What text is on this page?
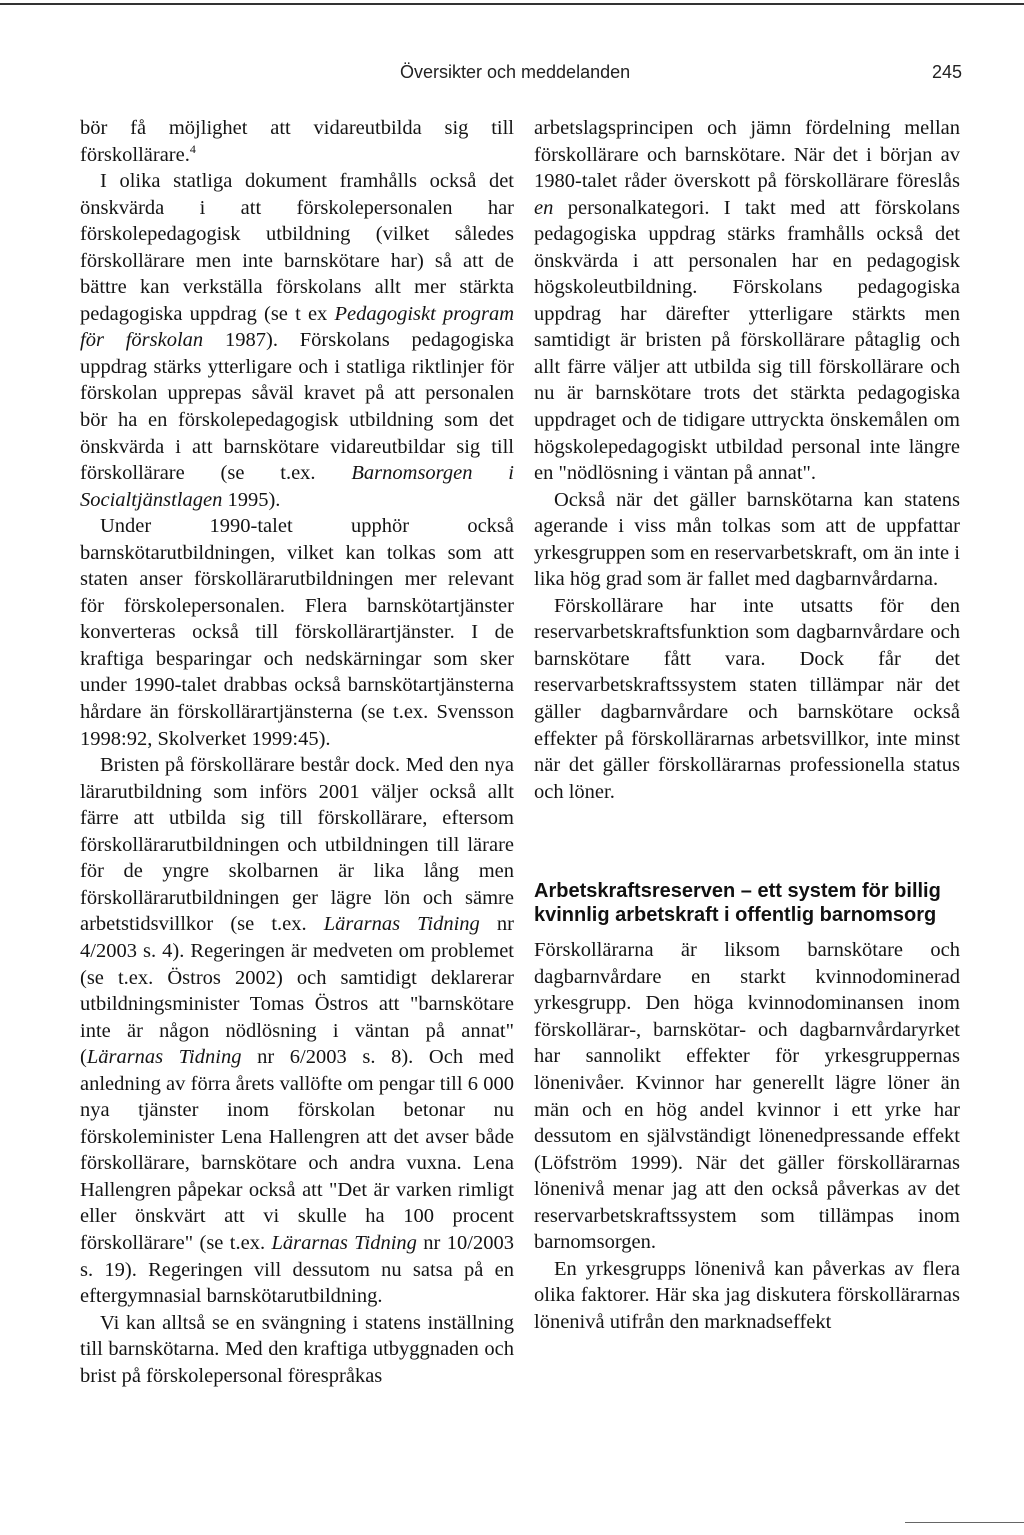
Översikter och meddelanden	245

bör få möjlighet att vidareutbilda sig till förskollärare.$^4$

I olika statliga dokument framhålls också det önskvärda i att förskolepersonalen har förskolepedagogisk utbildning (vilket således förskollärare men inte barnskötare har) så att de bättre kan verkställa förskolans allt mer stärkta pedagogiska uppdrag (se t ex Pedagogiskt program för förskolan 1987). Förskolans pedagogiska uppdrag stärks ytterligare och i statliga riktlinjer för förskolan upprepas såväl kravet på att personalen bör ha en förskolepedagogisk utbildning som det önskvärda i att barnskötare vidareutbildar sig till förskollärare (se t.ex. Barnomsorgen i Socialtjänstlagen 1995).

Under 1990-talet upphör också barnskötarutbildningen, vilket kan tolkas som att staten anser förskollärarutbildningen mer relevant för förskolepersonalen. Flera barnskötartjänster konverteras också till förskollärartjänster. I de kraftiga besparingar och nedskärningar som sker under 1990-talet drabbas också barnskötartjänsterna hårdare än förskollärartjänsterna (se t.ex. Svensson 1998:92, Skolverket 1999:45).

Bristen på förskollärare består dock. Med den nya lärarutbildning som införs 2001 väljer också allt färre att utbilda sig till förskollärare, eftersom förskollärarutbildningen och utbildningen till lärare för de yngre skolbarnen är lika lång men förskollärarutbildningen ger lägre lön och sämre arbetstidsvillkor (se t.ex. Lärarnas Tidning nr 4/2003 s. 4). Regeringen är medveten om problemet (se t.ex. Östros 2002) och samtidigt deklarerar utbildningsminister Tomas Östros att "barnskötare inte är någon nödlösning i väntan på annat" (Lärarnas Tidning nr 6/2003 s. 8). Och med anledning av förra årets vallöfte om pengar till 6 000 nya tjänster inom förskolan betonar nu förskoleminister Lena Hallengren att det avser både förskollärare, barnskötare och andra vuxna. Lena Hallengren påpekar också att "Det är varken rimligt eller önskvärt att vi skulle ha 100 procent förskollärare" (se t.ex. Lärarnas Tidning nr 10/2003 s. 19). Regeringen vill dessutom nu satsa på en eftergymnasial barnskötarutbildning.

Vi kan alltså se en svängning i statens inställning till barnskötarna. Med den kraftiga utbyggnaden och brist på förskolepersonal förespråkas

arbetslagsprincipen och jämn fördelning mellan förskollärare och barnskötare. När det i början av 1980-talet råder överskott på förskollärare föreslås en personalkategori. I takt med att förskolans pedagogiska uppdrag stärks framhålls också det önskvärda i att personalen har en pedagogisk högskoleutbildning. Förskolans pedagogiska uppdrag har därefter ytterligare stärkts men samtidigt är bristen på förskollärare påtaglig och allt färre väljer att utbilda sig till förskollärare och nu är barnskötare trots det stärkta pedagogiska uppdraget och de tidigare uttryckta önskemålen om högskolepedagogiskt utbildad personal inte längre en "nödlösning i väntan på annat".

Också när det gäller barnskötarna kan statens agerande i viss mån tolkas som att de uppfattar yrkesgruppen som en reservarbetskraft, om än inte i lika hög grad som är fallet med dagbarnvårdarna.

Förskollärare har inte utsatts för den reservarbetskraftsfunktion som dagbarnvårdare och barnskötare fått vara. Dock får det reservarbetskraftssystem staten tillämpar när det gäller dagbarnvårdare och barnskötare också effekter på förskollärarnas arbetsvillkor, inte minst när det gäller förskollärarnas professionella status och löner.

Arbetskraftsreserven – ett system för billig kvinnlig arbetskraft i offentlig barnomsorg

Förskollärarna är liksom barnskötare och dagbarnvårdare en starkt kvinnodominerad yrkesgrupp. Den höga kvinnodominansen inom förskollärar-, barnskötar- och dagbarnvårdaryrket har sannolikt effekter för yrkesgruppernas lönenivåer. Kvinnor har generellt lägre löner än män och en hög andel kvinnor i ett yrke har dessutom en självständigt lönenedpressande effekt (Löfström 1999). När det gäller förskollärarnas lönenivå menar jag att den också påverkas av det reservarbetskraftssystem som tillämpas inom barnomsorgen.

En yrkesgrupps lönenivå kan påverkas av flera olika faktorer. Här ska jag diskutera förskollärarnas lönenivå utifrån den marknadseffekt
